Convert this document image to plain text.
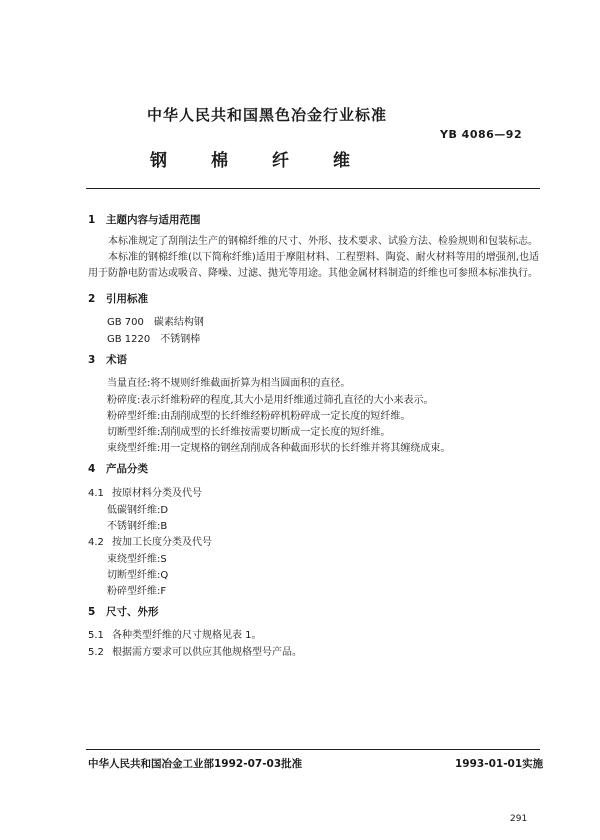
中华人民共和国黑色冶金行业标准
YB 4086—92
钢	棉	纤	维
1 主题内容与适用范围
本标准规定了刮削法生产的钢棉纤维的尺寸、外形、技术要求、试验方法、检验规则和包装标志。
本标准的钢棉纤维(以下简称纤维)适用于摩阻材料、工程塑料、陶瓷、耐火材料等用的增强剂,也适用于防静电防雷达或吸音、降噪、过滤、抛光等用途。其他金属材料制造的纤维也可参照本标准执行。
2 引用标准
GB 700　碳素结构钢
GB 1220　不锈钢棒
3 术语
当量直径:将不规则纤维截面折算为相当圆面积的直径。
粉碎度:表示纤维粉碎的程度,其大小是用纤维通过筛孔直径的大小来表示。
粉碎型纤维:由刮削成型的长纤维经粉碎机粉碎成一定长度的短纤维。
切断型纤维:刮削成型的长纤维按需要切断成一定长度的短纤维。
束绕型纤维:用一定规格的钢丝刮削成各种截面形状的长纤维并将其缠绕成束。
4 产品分类
4.1 按原材料分类及代号
低碳钢纤维:D
不锈钢纤维:B
4.2 按加工长度分类及代号
束绕型纤维:S
切断型纤维:Q
粉碎型纤维:F
5 尺寸、外形
5.1 各种类型纤维的尺寸规格见表 1。
5.2 根据需方要求可以供应其他规格型号产品。
中华人民共和国冶金工业部1992-07-03批准	1993-01-01实施
291
